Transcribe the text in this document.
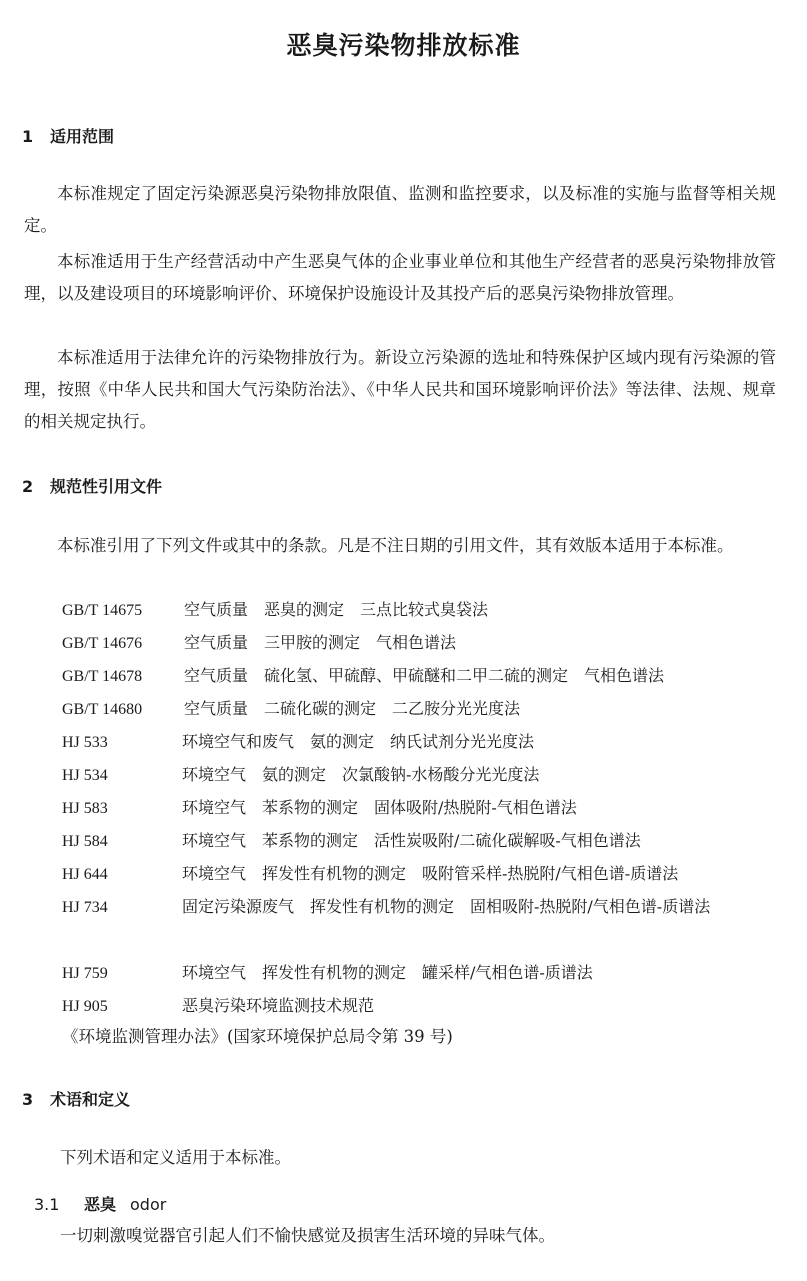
恶臭污染物排放标准
1 适用范围

本标准规定了固定污染源恶臭污染物排放限值、监测和监控要求，以及标准的实施与监督等相关规定。

本标准适用于生产经营活动中产生恶臭气体的企业事业单位和其他生产经营者的恶臭污染物排放管理，以及建设项目的环境影响评价、环境保护设施设计及其投产后的恶臭污染物排放管理。

本标准适用于法律允许的污染物排放行为。新设立污染源的选址和特殊保护区域内现有污染源的管理，按照《中华人民共和国大气污染防治法》、《中华人民共和国环境影响评价法》等法律、法规、规章的相关规定执行。

2 规范性引用文件

本标准引用了下列文件或其中的条款。凡是不注日期的引用文件，其有效版本适用于本标准。

GB/T 14675	空气质量　恶臭的测定　三点比较式臭袋法
GB/T 14676	空气质量　三甲胺的测定　气相色谱法
GB/T 14678	空气质量　硫化氢、甲硫醇、甲硫醚和二甲二硫的测定　气相色谱法
GB/T 14680	空气质量　二硫化碳的测定　二乙胺分光光度法
HJ 533	环境空气和废气　氨的测定　纳氏试剂分光光度法
HJ 534	环境空气　氨的测定　次氯酸钠-水杨酸分光光度法
HJ 583	环境空气　苯系物的测定　固体吸附/热脱附-气相色谱法
HJ 584	环境空气　苯系物的测定　活性炭吸附/二硫化碳解吸-气相色谱法
HJ 644	环境空气　挥发性有机物的测定　吸附管采样-热脱附/气相色谱-质谱法
HJ 734	固定污染源废气　挥发性有机物的测定　固相吸附-热脱附/气相色谱-质谱法
HJ 759	环境空气　挥发性有机物的测定　罐采样/气相色谱-质谱法
HJ 905	恶臭污染环境监测技术规范
《环境监测管理办法》(国家环境保护总局令第 39 号)
3 术语和定义
下列术语和定义适用于本标准。
3.1 恶臭 odor
一切刺激嗅觉器官引起人们不愉快感觉及损害生活环境的异味气体。
